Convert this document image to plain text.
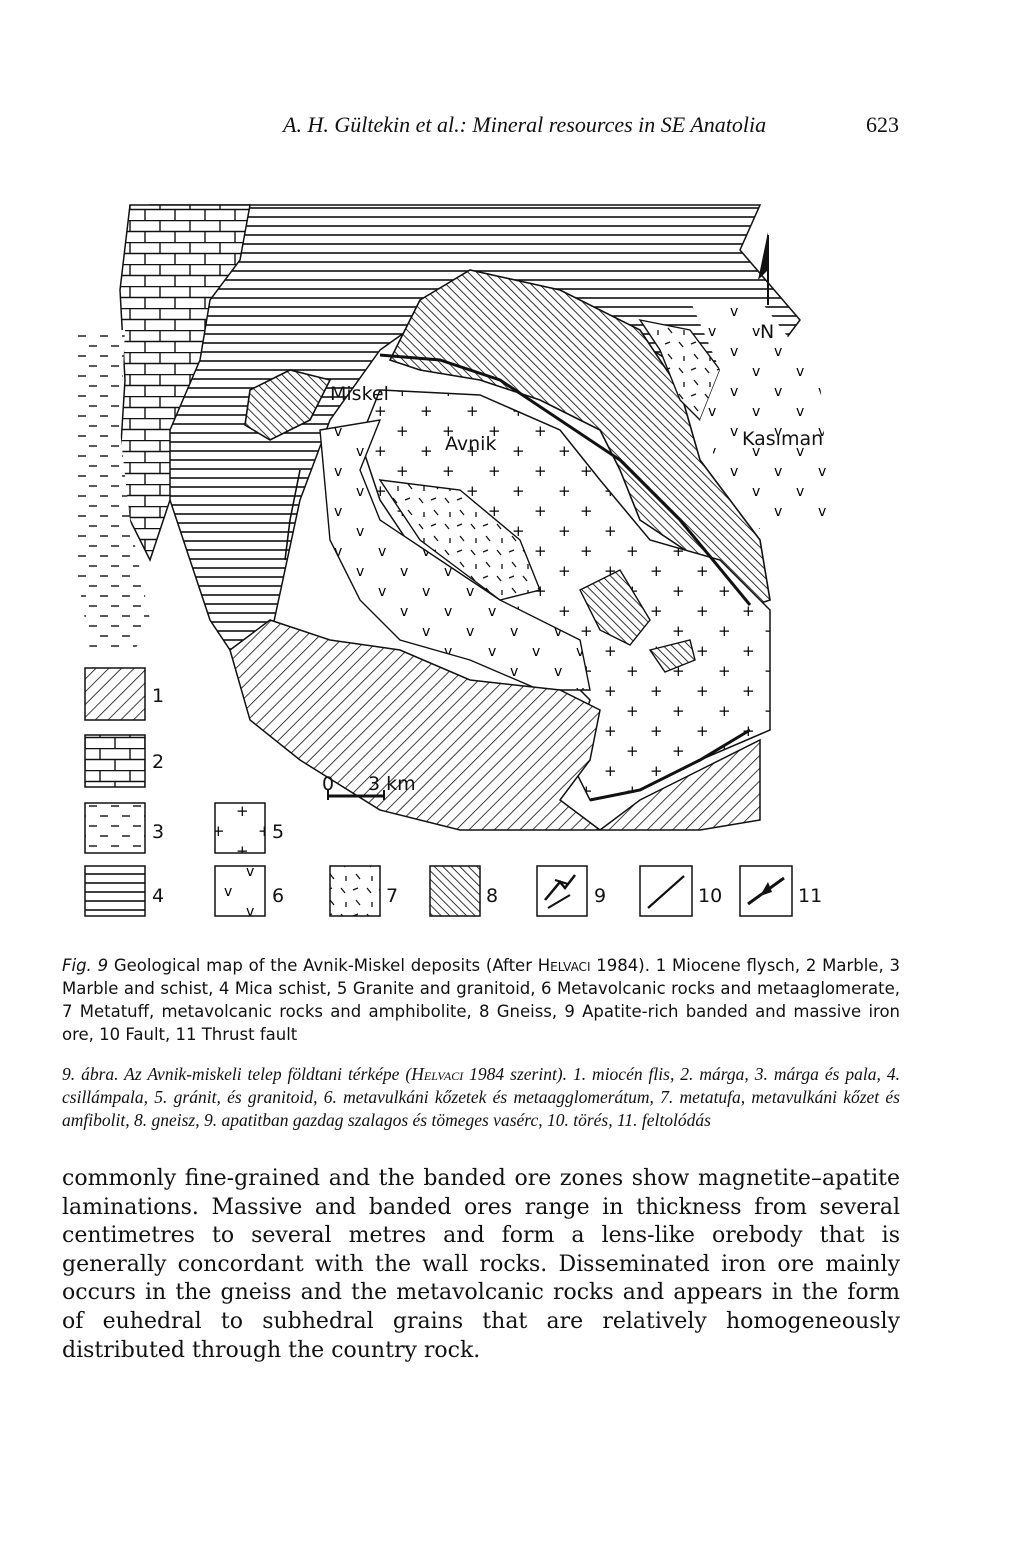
A. H. Gültekin et al.: Mineral resources in SE Anatolia	623
N
Miskel
Avnik	Kasıman
0 3 km
1
2
3
4
5
6	7	8	9	10	11
Fig. 9 Geological map of the Avnik-Miskel deposits (After Helvaci 1984). 1 Miocene flysch, 2 Marble, 3 Marble and schist, 4 Mica schist, 5 Granite and granitoid, 6 Metavolcanic rocks and metaaglomerate, 7 Metatuff, metavolcanic rocks and amphibolite, 8 Gneiss, 9 Apatite-rich banded and massive iron ore, 10 Fault, 11 Thrust fault
9. ábra. Az Avnik-miskeli telep földtani térképe (Helvaci 1984 szerint). 1. miocén flis, 2. márga, 3. márga és pala, 4. csillámpala, 5. gránit, és granitoid, 6. metavulkáni kőzetek és metaagglomerátum, 7. metatufa, metavulkáni kőzet és amfibolit, 8. gneisz, 9. apatitban gazdag szalagos és tömeges vasérc, 10. törés, 11. feltolódás

commonly fine-grained and the banded ore zones show magnetite–apatite laminations. Massive and banded ores range in thickness from several centimetres to several metres and form a lens-like orebody that is generally concordant with the wall rocks. Disseminated iron ore mainly occurs in the gneiss and the metavolcanic rocks and appears in the form of euhedral to subhedral grains that are relatively homogeneously distributed through the country rock.
